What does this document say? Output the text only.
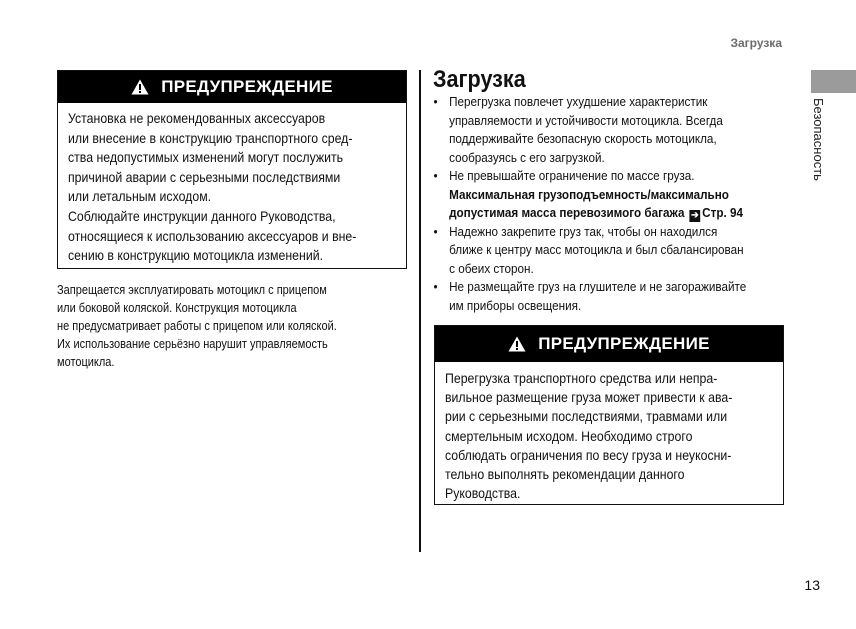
Загрузка
Безопасность
ПРЕДУПРЕЖДЕНИЕ
Установка не рекомендованных аксессуаров
или внесение в конструкцию транспортного сред-
ства недопустимых изменений могут послужить
причиной аварии с серьезными последствиями
или летальным исходом.
Соблюдайте инструкции данного Руководства,
относящиеся к использованию аксессуаров и вне-
сению в конструкцию мотоцикла изменений.
Запрещается эксплуатировать мотоцикл с прицепом
или боковой коляской. Конструкция мотоцикла
не предусматривает работы с прицепом или коляской.
Их использование серьёзно нарушит управляемость
мотоцикла.
Загрузка
• Перегрузка повлечет ухудшение характеристик
управляемости и устойчивости мотоцикла. Всегда
поддерживайте безопасную скорость мотоцикла,
сообразуясь с его загрузкой.
• Не превышайте ограничение по массе груза.
Максимальная грузоподъемность/максимально
допустимая масса перевозимого багажа ➔ Стр. 94
• Надежно закрепите груз так, чтобы он находился
ближе к центру масс мотоцикла и был сбалансирован
с обеих сторон.
• Не размещайте груз на глушителе и не загораживайте
им приборы освещения.
ПРЕДУПРЕЖДЕНИЕ
Перегрузка транспортного средства или непра-
вильное размещение груза может привести к ава-
рии с серьезными последствиями, травмами или
смертельным исходом. Необходимо строго
соблюдать ограничения по весу груза и неукосни-
тельно выполнять рекомендации данного
Руководства.
13
